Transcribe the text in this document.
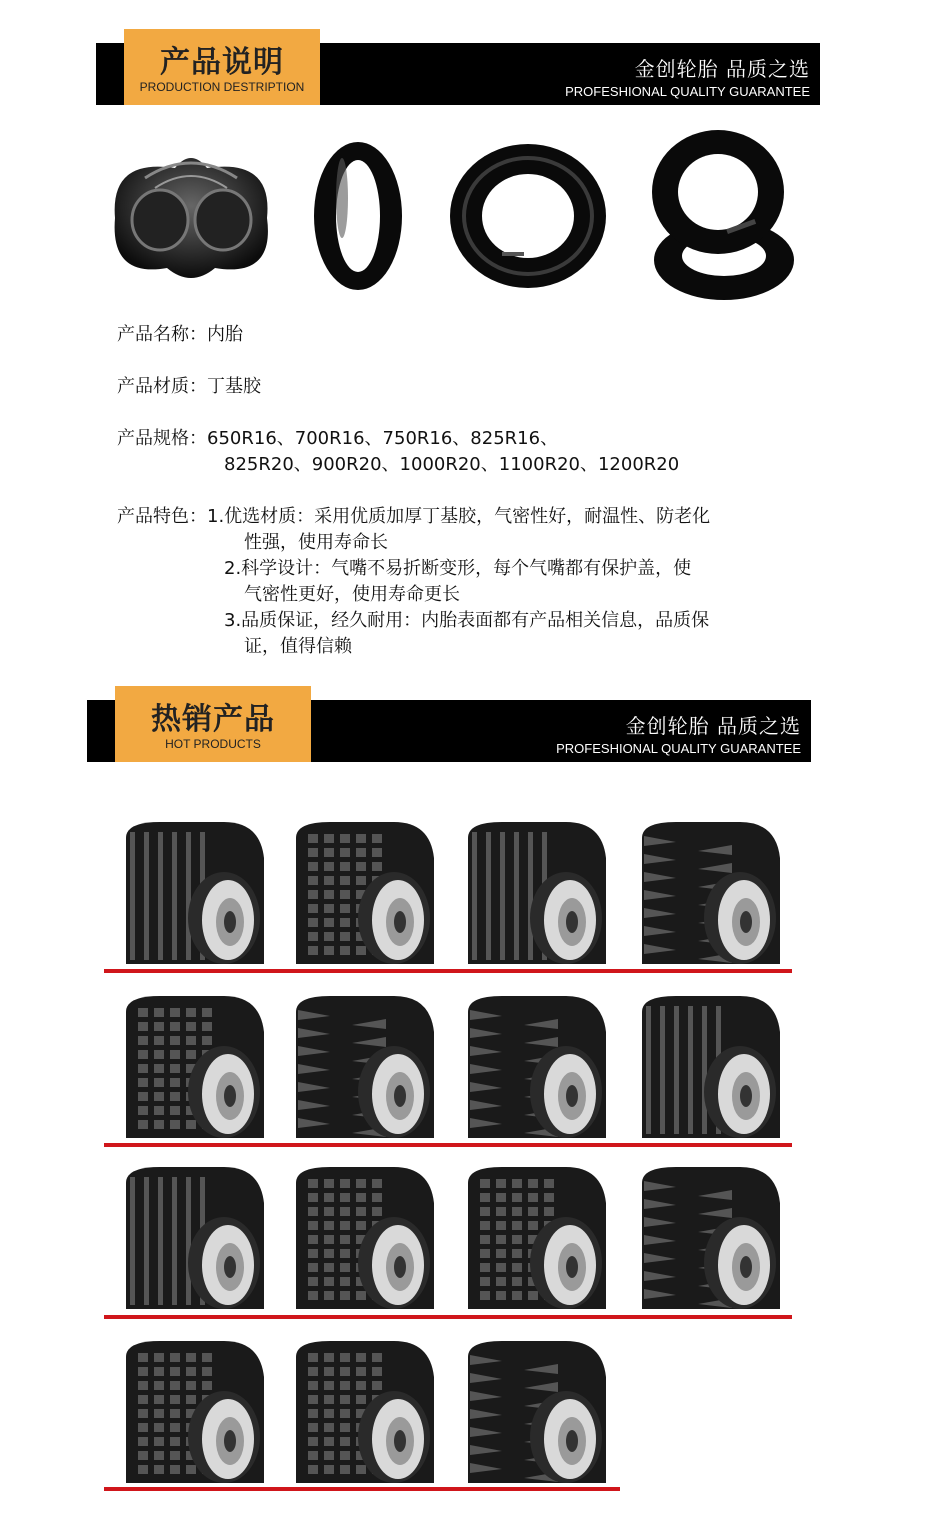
产品说明
PRODUCTION DESTRIPTION
金创轮胎 品质之选
PROFESHIONAL QUALITY GUARANTEE
产品名称：内胎
产品材质：丁基胶
产品规格：650R16、700R16、750R16、825R16、
825R20、900R20、1000R20、1100R20、1200R20
产品特色：1.优选材质：采用优质加厚丁基胶，气密性好，耐温性、防老化
性强，使用寿命长
2.科学设计：气嘴不易折断变形，每个气嘴都有保护盖，使
气密性更好，使用寿命更长
3.品质保证，经久耐用：内胎表面都有产品相关信息，品质保
证，值得信赖
热销产品
HOT PRODUCTS
金创轮胎 品质之选
PROFESHIONAL QUALITY GUARANTEE
